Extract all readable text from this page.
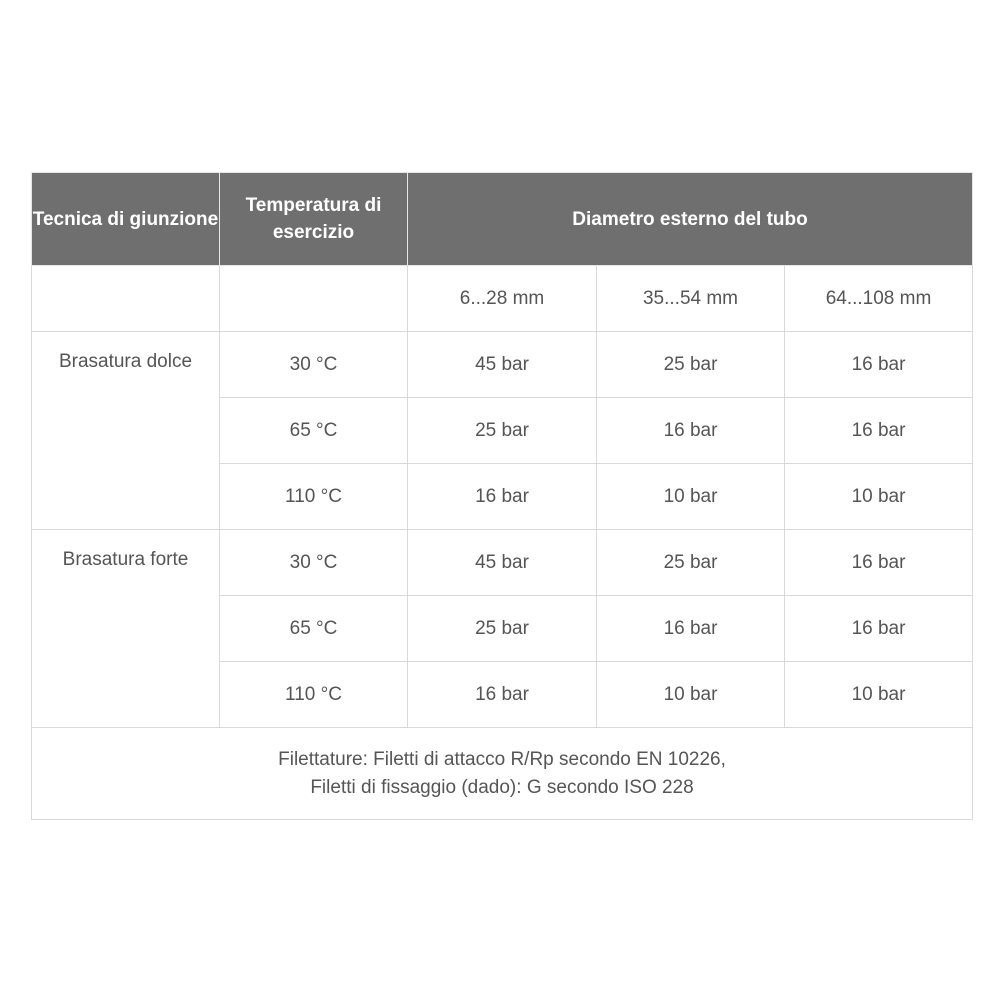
Tecnica di giunzione	Temperatura di esercizio	Diametro esterno del tubo		
		6...28 mm	35...54 mm	64...108 mm
Brasatura dolce	30 °C	45 bar	25 bar	16 bar
	65 °C	25 bar	16 bar	16 bar
	110 °C	16 bar	10 bar	10 bar
Brasatura forte	30 °C	45 bar	25 bar	16 bar
	65 °C	25 bar	16 bar	16 bar
	110 °C	16 bar	10 bar	10 bar
Filettature: Filetti di attacco R/Rp secondo EN 10226,
Filetti di fissaggio (dado): G secondo ISO 228				
